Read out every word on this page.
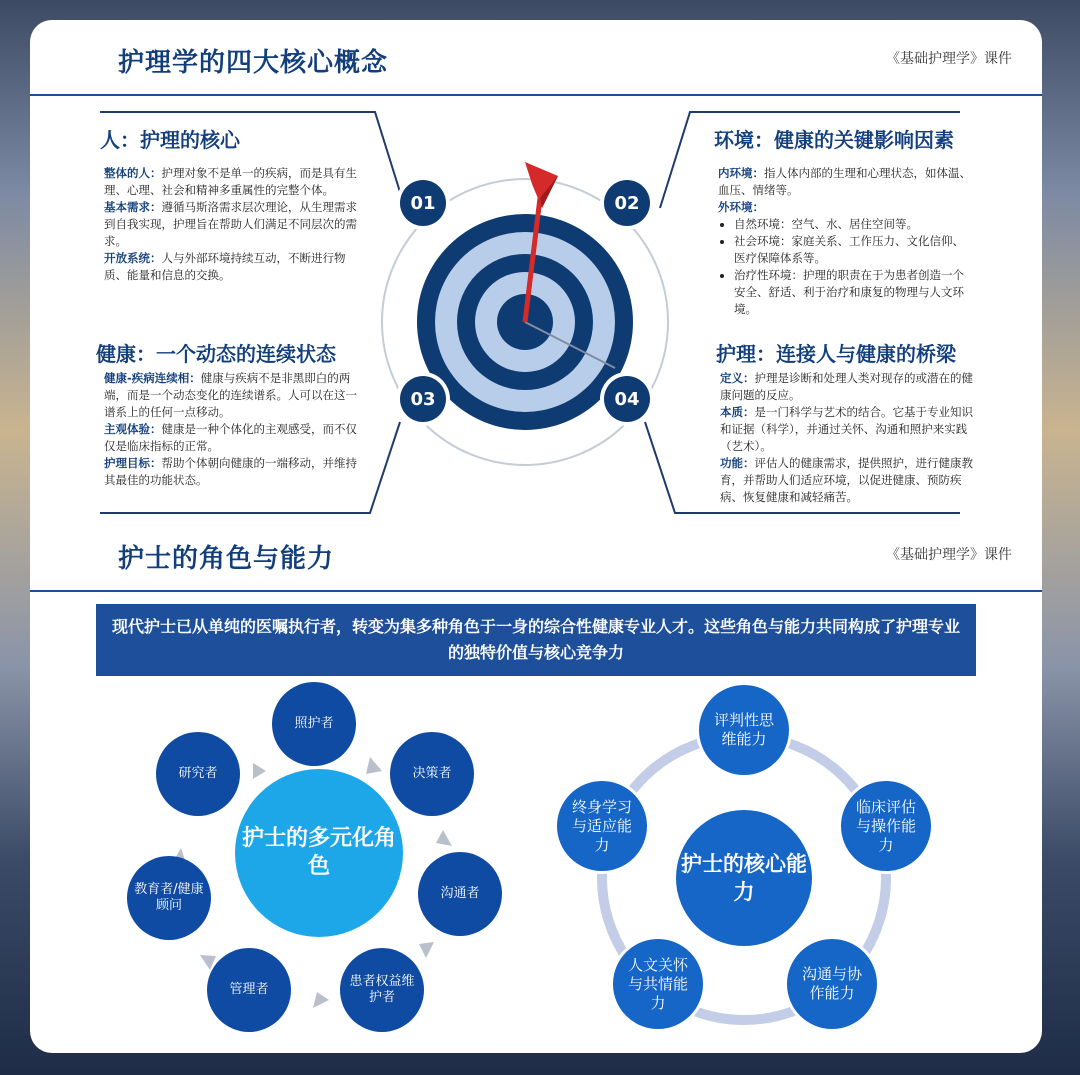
护理学的四大核心概念	《基础护理学》课件
01	02
03	04
人：护理的核心
整体的人：护理对象不是单一的疾病，而是具有生理、心理、社会和精神多重属性的完整个体。
基本需求：遵循马斯洛需求层次理论，从生理需求到自我实现，护理旨在帮助人们满足不同层次的需求。
开放系统：人与外部环境持续互动，不断进行物质、能量和信息的交换。
环境：健康的关键影响因素
内环境：指人体内部的生理和心理状态，如体温、血压、情绪等。
外环境：
• 自然环境：空气、水、居住空间等。
• 社会环境：家庭关系、工作压力、文化信仰、医疗保障体系等。
• 治疗性环境：护理的职责在于为患者创造一个安全、舒适、利于治疗和康复的物理与人文环境。
健康：一个动态的连续状态
健康-疾病连续相：健康与疾病不是非黑即白的两端，而是一个动态变化的连续谱系。人可以在这一谱系上的任何一点移动。
主观体验：健康是一种个体化的主观感受，而不仅仅是临床指标的正常。
护理目标：帮助个体朝向健康的一端移动，并维持其最佳的功能状态。
护理：连接人与健康的桥梁
定义：护理是诊断和处理人类对现存的或潜在的健康问题的反应。
本质：是一门科学与艺术的结合。它基于专业知识和证据（科学），并通过关怀、沟通和照护来实践（艺术）。
功能：评估人的健康需求，提供照护，进行健康教育，并帮助人们适应环境，以促进健康、预防疾病、恢复健康和减轻痛苦。
护士的角色与能力	《基础护理学》课件
现代护士已从单纯的医嘱执行者，转变为集多种角色于一身的综合性健康专业人才。这些角色与能力共同构成了护理专业的独特价值与核心竞争力
护士的多元化角色
照护者
决策者
沟通者
患者权益维护者
管理者
教育者/健康顾问
研究者
护士的核心能力
评判性思维能力
临床评估与操作能力
沟通与协作能力
人文关怀与共情能力
终身学习与适应能力
